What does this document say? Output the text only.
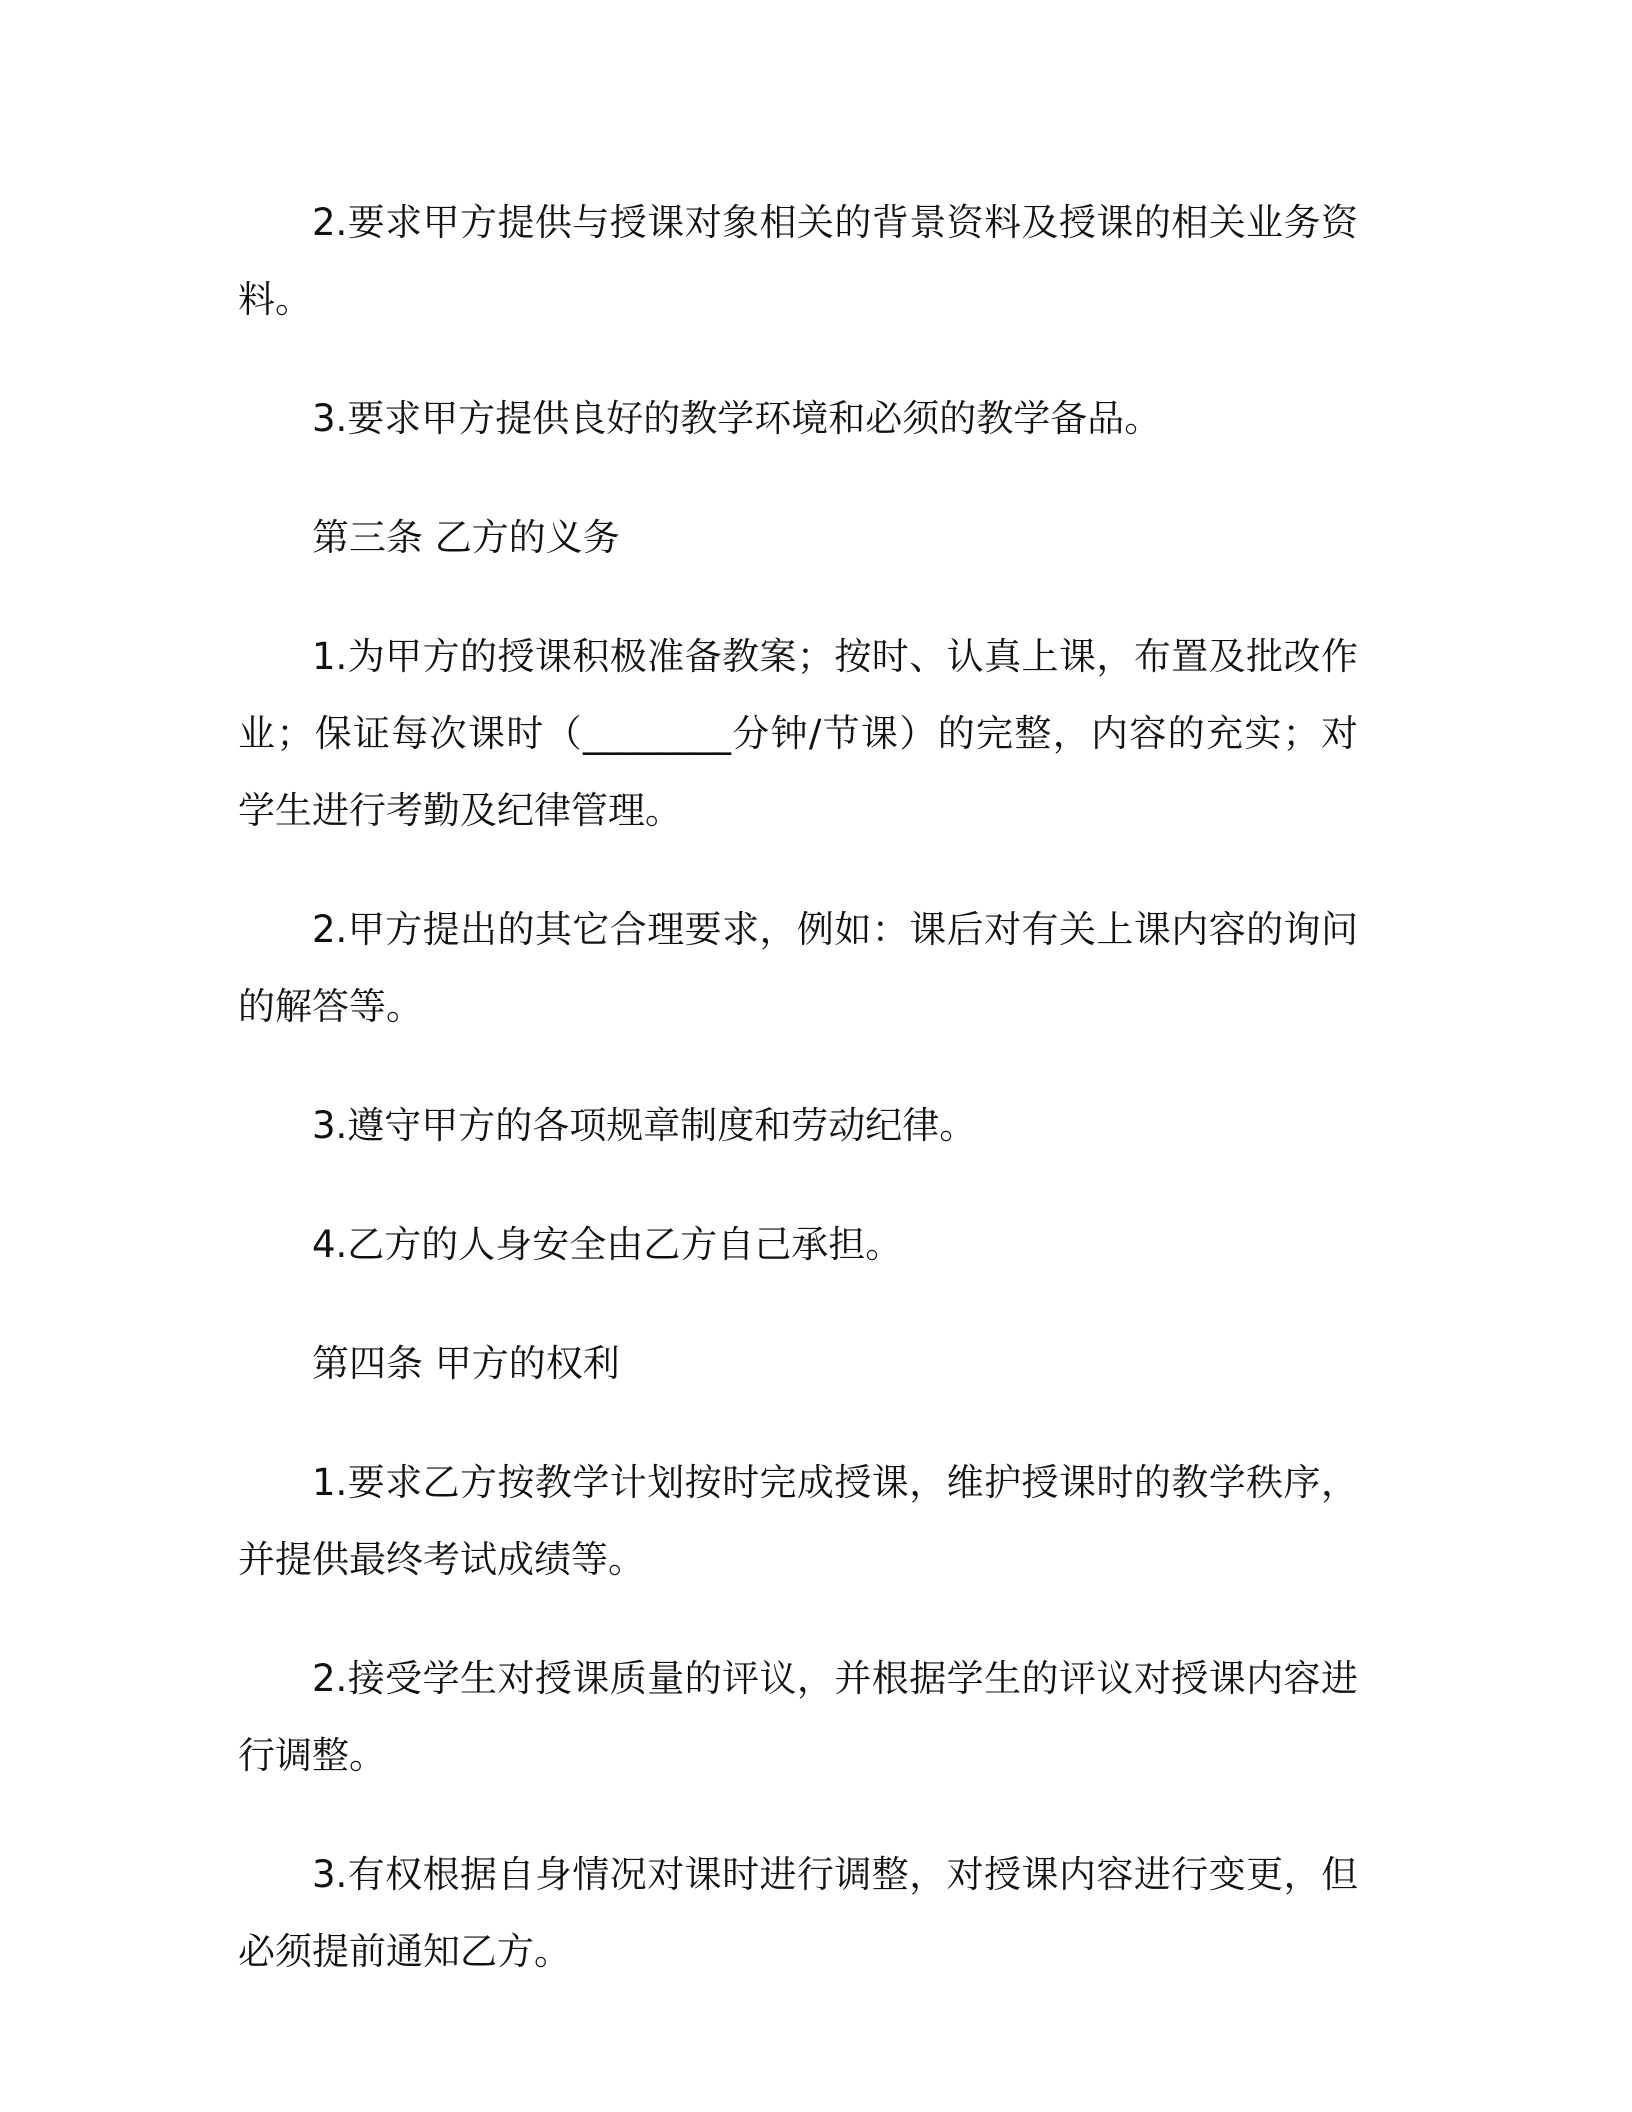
2.要求甲方提供与授课对象相关的背景资料及授课的相关业务资料。

3.要求甲方提供良好的教学环境和必须的教学备品。

第三条 乙方的义务

1.为甲方的授课积极准备教案；按时、认真上课，布置及批改作业；保证每次课时（________分钟/节课）的完整，内容的充实；对学生进行考勤及纪律管理。

2.甲方提出的其它合理要求，例如：课后对有关上课内容的询问的解答等。

3.遵守甲方的各项规章制度和劳动纪律。

4.乙方的人身安全由乙方自己承担。

第四条 甲方的权利

1.要求乙方按教学计划按时完成授课，维护授课时的教学秩序，并提供最终考试成绩等。

2.接受学生对授课质量的评议，并根据学生的评议对授课内容进行调整。

3.有权根据自身情况对课时进行调整，对授课内容进行变更，但必须提前通知乙方。
